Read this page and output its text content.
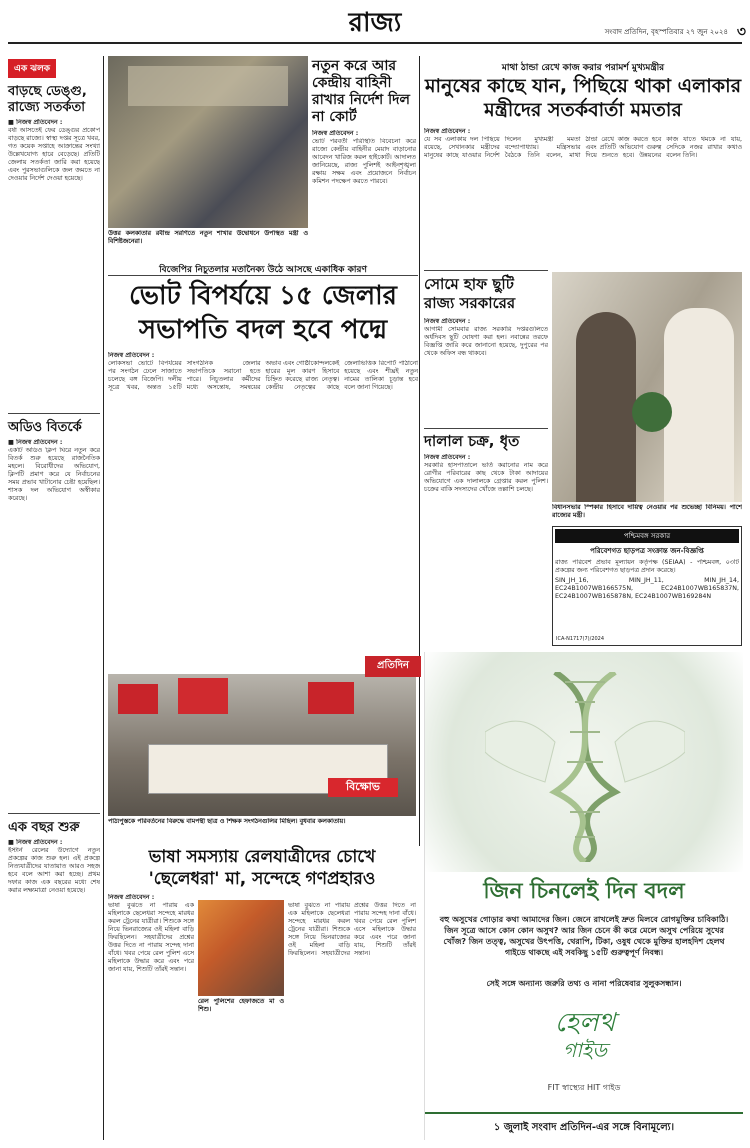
রাজ্য	সংবাদ প্রতিদিন, বৃহস্পতিবার ২৭ জুন ২০২৪ ৩
এক ঝলক
বাড়ছে ডেঙ্গু, রাজ্যে সতর্কতা
■ নিজস্ব প্রতিবেদন :
বর্ষা আসতেই ফের ডেঙ্গুর প্রকোপ বাড়ছে রাজ্যে। স্বাস্থ্য দপ্তর সূত্রে খবর, গত কয়েক সপ্তাহে আক্রান্তের সংখ্যা উল্লেখযোগ্য হারে বেড়েছে। প্রতিটি জেলায় সতর্কতা জারি করা হয়েছে এবং পুরসভাগুলিকে জল জমতে না দেওয়ার নির্দেশ দেওয়া হয়েছে।
অডিও বিতর্কে
■ নিজস্ব প্রতিবেদন :
একটি অডিও ক্লিপ ঘিরে নতুন করে বিতর্ক শুরু হয়েছে রাজনৈতিক মহলে। বিরোধীদের অভিযোগ, ক্লিপটি প্রমাণ করে যে নির্বাচনের সময় প্রভাব খাটানোর চেষ্টা হয়েছিল। শাসক দল অভিযোগ অস্বীকার করেছে।
এক বছর শুরু
■ নিজস্ব প্রতিবেদন :
ইস্টার্ন রেলের উদ্যোগে নতুন প্রকল্পের কাজ শুরু হল। এই প্রকল্পে নিত্যযাত্রীদের যাতায়াত আরও সহজ হবে বলে আশা করা হচ্ছে। প্রথম দফার কাজ এক বছরের মধ্যে শেষ করার লক্ষ্যমাত্রা নেওয়া হয়েছে।
উত্তর কলকাতার রবীন্দ্র সরণিতে নতুন শাখার উদ্বোধনে উপস্থিত মন্ত্রী ও বিশিষ্টজনেরা।
বিজেপির নিচুতলার মতানৈক্য উঠে আসছে একাধিক কারণ
ভোট বিপর্যয়ে ১৫ জেলার
সভাপতি বদল হবে পদ্মে
নিজস্ব প্রতিবেদন :
লোকসভা ভোটে বিপর্যয়ের পর সংগঠন ঢেলে সাজাতে চলেছে বঙ্গ বিজেপি। দলীয় সূত্রে খবর, অন্তত ১৫টি সাংগঠনিক জেলার সভাপতিকে সরানো হতে পারে। নিচুতলার কর্মীদের মধ্যে অসন্তোষ, সমন্বয়ের অভাব এবং গোষ্ঠীকোন্দলকেই হারের মূল কারণ হিসাবে চিহ্নিত করেছে রাজ্য নেতৃত্ব। কেন্দ্রীয় নেতৃত্বের কাছে জেলাভিত্তিক রিপোর্ট পাঠানো হয়েছে এবং শীঘ্রই নতুন নামের তালিকা চূড়ান্ত হবে বলে জানা গিয়েছে।
নতুন করে আর কেন্দ্রীয় বাহিনী রাখার নির্দেশ দিল না কোর্ট
নিজস্ব প্রতিবেদন :
ভোট পরবর্তী পরিস্থিতি বিবেচনা করে রাজ্যে কেন্দ্রীয় বাহিনীর মেয়াদ বাড়ানোর আবেদন খারিজ করল হাইকোর্ট। আদালত জানিয়েছে, রাজ্য পুলিশই আইনশৃঙ্খলা রক্ষায় সক্ষম এবং প্রয়োজনে নির্বাচন কমিশন পদক্ষেপ করতে পারবে।
মাথা ঠান্ডা রেখে কাজ করার পরামর্শ মুখ্যমন্ত্রীর
মানুষের কাছে যান, পিছিয়ে থাকা এলাকার মন্ত্রীদের সতর্কবার্তা মমতার
নিজস্ব প্রতিবেদন :
যে সব এলাকায় দল পিছিয়ে রয়েছে, সেখানকার মন্ত্রীদের মানুষের কাছে যাওয়ার নির্দেশ দিলেন মুখ্যমন্ত্রী মমতা বন্দ্যোপাধ্যায়। মন্ত্রিসভার বৈঠকে তিনি বলেন, মাথা ঠান্ডা রেখে কাজ করতে হবে এবং প্রতিটি অভিযোগ গুরুত্ব দিয়ে শুনতে হবে। উন্নয়নের কাজ যাতে থমকে না যায়, সেদিকে নজর রাখার কথাও বলেন তিনি।
সোমে হাফ ছুটি রাজ্য সরকারের
নিজস্ব প্রতিবেদন :
আগামী সোমবার রাজ্য সরকারি দপ্তরগুলিতে অর্ধদিবস ছুটি ঘোষণা করা হল। নবান্নের তরফে বিজ্ঞপ্তি জারি করে জানানো হয়েছে, দুপুরের পর থেকে অফিস বন্ধ থাকবে।
দালাল চক্র, ধৃত
নিজস্ব প্রতিবেদন :
সরকারি হাসপাতালে ভর্তি করানোর নাম করে রোগীর পরিবারের কাছ থেকে টাকা আদায়ের অভিযোগে এক দালালকে গ্রেপ্তার করল পুলিশ। চক্রের বাকি সদস্যদের খোঁজে তল্লাশি চলছে।
বিধানসভার স্পিকার হিসাবে দায়িত্ব নেওয়ার পর শুভেচ্ছা বিনিময়। পাশে রাজ্যের মন্ত্রী।
পশ্চিমবঙ্গ সরকার
পরিবেশগত ছাড়পত্র সংক্রান্ত জন-বিজ্ঞপ্তি
রাজ্য পরিবেশ প্রভাব মূল্যায়ন কর্তৃপক্ষ (SEIAA) - পশ্চিমবঙ্গ, ০৩টি প্রকল্পের জন্য পরিবেশগত ছাড়পত্র প্রদান করেছে।
SIN_JH_16, MIN_JH_11, MIN_JH_14, EC24B1007WB166575N, EC24B1007WB165837N, EC24B1007WB165878N, EC24B1007WB169284N
ICA-N1717(7)/2024
বিক্ষোভ
পাঠ্যপুস্তকে পরিবর্তনের বিরুদ্ধে বামপন্থী ছাত্র ও শিক্ষক সংগঠনগুলির মিছিল। বুধবার কলকাতায়।
ভাষা সমস্যায় রেলযাত্রীদের চোখে
'ছেলেধরা' মা, সন্দেহে গণপ্রহারও
নিজস্ব প্রতিবেদন :
ভাষা বুঝতে না পারায় এক মহিলাকে ছেলেধরা সন্দেহে মারধর করল ট্রেনের যাত্রীরা। শিশুকে সঙ্গে নিয়ে ভিনরাজ্যের ওই মহিলা বাড়ি ফিরছিলেন। সহযাত্রীদের প্রশ্নের উত্তর দিতে না পারায় সন্দেহ দানা বাঁধে। খবর পেয়ে রেল পুলিশ এসে মহিলাকে উদ্ধার করে এবং পরে জানা যায়, শিশুটি তাঁরই সন্তান।
রেল পুলিশের হেফাজতে মা ও শিশু।
ভাষা বুঝতে না পারায় এক মহিলাকে ছেলেধরা সন্দেহে মারধর করল ট্রেনের যাত্রীরা। শিশুকে সঙ্গে নিয়ে ভিনরাজ্যের ওই মহিলা বাড়ি ফিরছিলেন। সহযাত্রীদের প্রশ্নের উত্তর দিতে না পারায় সন্দেহ দানা বাঁধে। খবর পেয়ে রেল পুলিশ এসে মহিলাকে উদ্ধার করে এবং পরে জানা যায়, শিশুটি তাঁরই সন্তান।
প্রতিদিন
জিন চিনলেই দিন বদল
বহু অসুখের গোড়ার কথা আমাদের জিন। জেনে রাখলেই দ্রুত মিলবে রোগমুক্তির চাবিকাঠি। জিন সূত্রে আসে কোন কোন অসুখ? আর জিন চেনে কী করে মেলে অসুখ পেরিয়ে সুখের খোঁজ? জিন তত্ত্ব, অসুখের উৎপত্তি, থেরাপি, টিকা, ওষুধ থেকে মুক্তির হালহদিশ হেলথ গাইডে থাকছে এই সবকিছু ১৫টি গুরুত্বপূর্ণ নিবন্ধ।
সেই সঙ্গে অন্যান্য জরুরি তথ্য ও নানা পরিষেবার সুলুকসন্ধান।
হেলথ
গাইড
FIT স্বাস্থ্যের HIT গাইড
১ জুলাই সংবাদ প্রতিদিন-এর সঙ্গে বিনামূল্যে।
